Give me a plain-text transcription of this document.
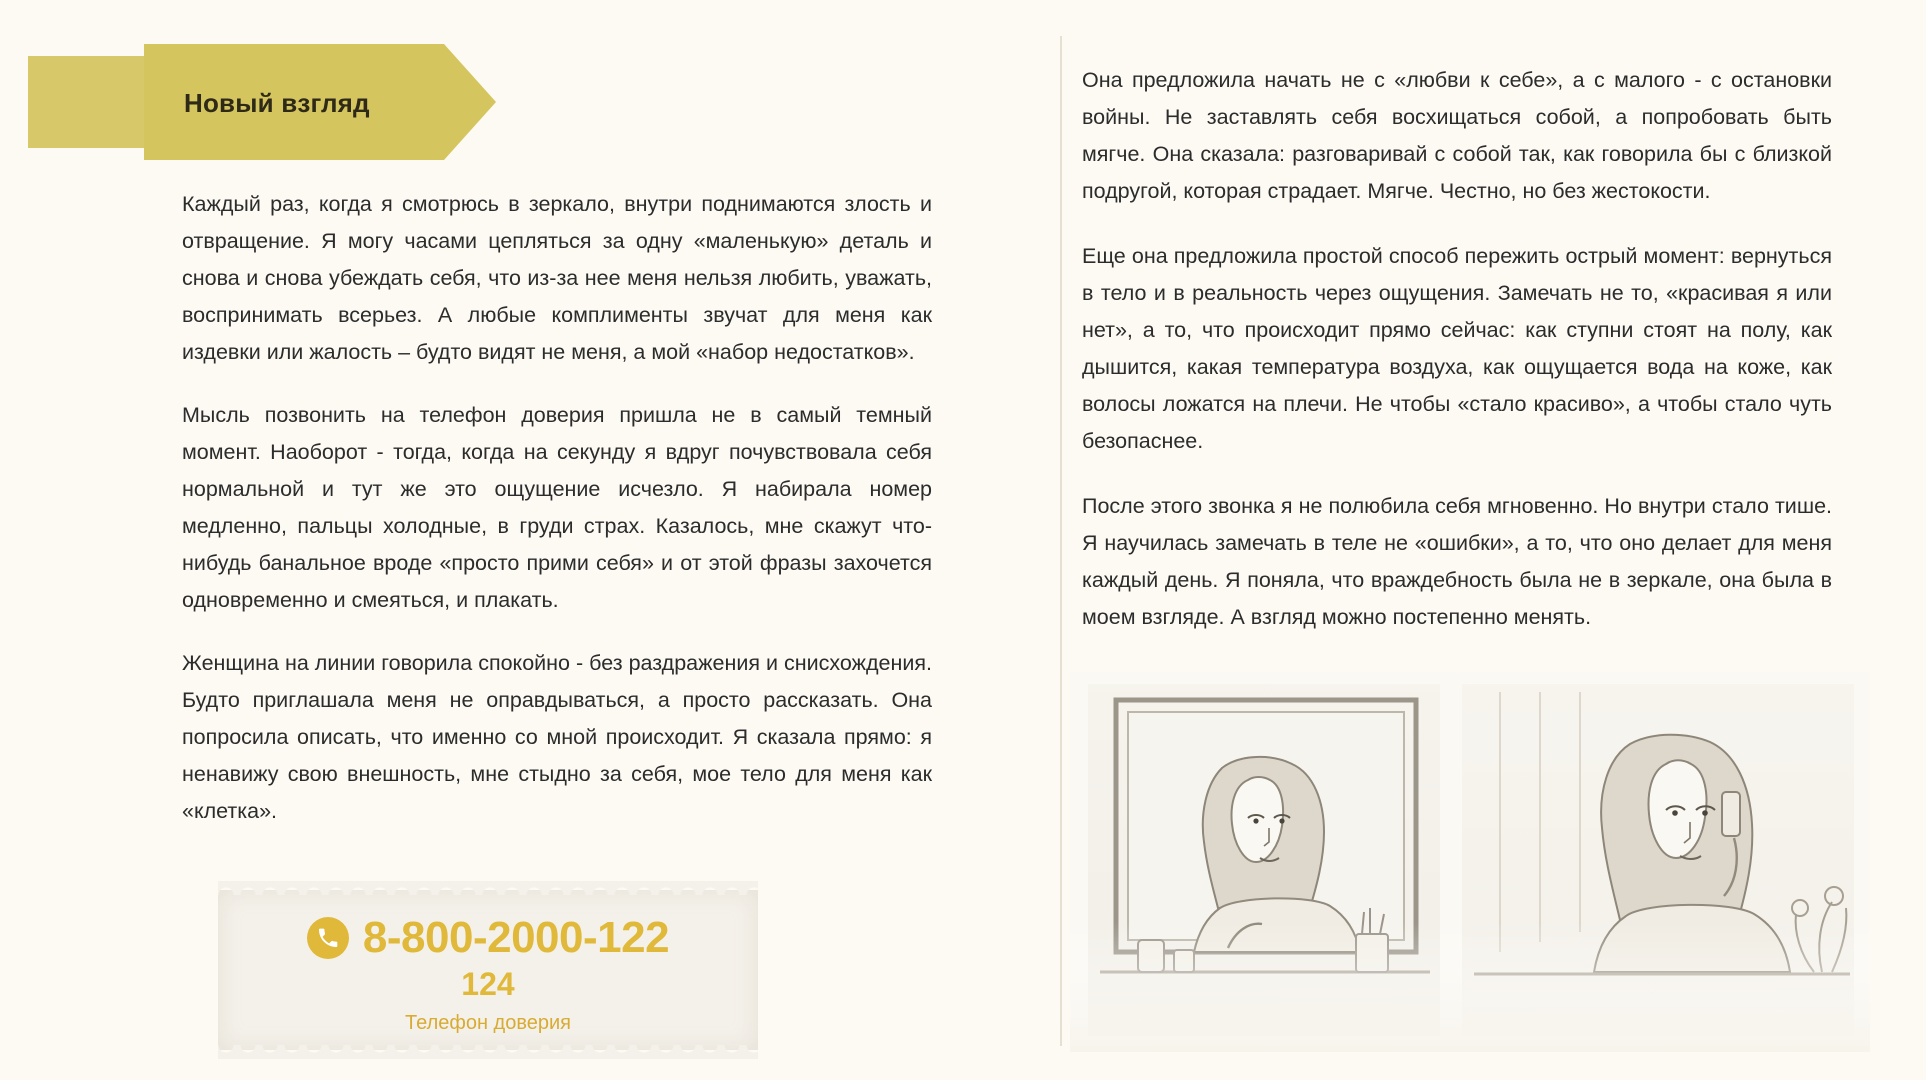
Новый взгляд

Каждый раз, когда я смотрюсь в зеркало, внутри поднимаются злость и отвращение. Я могу часами цепляться за одну «маленькую» деталь и снова и снова убеждать себя, что из-за нее меня нельзя любить, уважать, воспринимать всерьез. А любые комплименты звучат для меня как издевки или жалость – будто видят не меня, а мой «набор недостатков».

Мысль позвонить на телефон доверия пришла не в самый темный момент. Наоборот - тогда, когда на секунду я вдруг почувствовала себя нормальной и тут же это ощущение исчезло. Я набирала номер медленно, пальцы холодные, в груди страх. Казалось, мне скажут что-нибудь банальное вроде «просто прими себя» и от этой фразы захочется одновременно и смеяться, и плакать.

Женщина на линии говорила спокойно - без раздражения и снисхождения. Будто приглашала меня не оправдываться, а просто рассказать. Она попросила описать, что именно со мной происходит. Я сказала прямо: я ненавижу свою внешность, мне стыдно за себя, мое тело для меня как «клетка».

8-800-2000-122
124
Телефон доверия

Она предложила начать не с «любви к себе», а с малого - с остановки войны. Не заставлять себя восхищаться собой, а попробовать быть мягче. Она сказала: разговаривай с собой так, как говорила бы с близкой подругой, которая страдает. Мягче. Честно, но без жестокости.

Еще она предложила простой способ пережить острый момент: вернуться в тело и в реальность через ощущения. Замечать не то, «красивая я или нет», а то, что происходит прямо сейчас: как ступни стоят на полу, как дышится, какая температура воздуха, как ощущается вода на коже, как волосы ложатся на плечи. Не чтобы «стало красиво», а чтобы стало чуть безопаснее.

После этого звонка я не полюбила себя мгновенно. Но внутри стало тише. Я научилась замечать в теле не «ошибки», а то, что оно делает для меня каждый день. Я поняла, что враждебность была не в зеркале, она была в моем взгляде. А взгляд можно постепенно менять.
